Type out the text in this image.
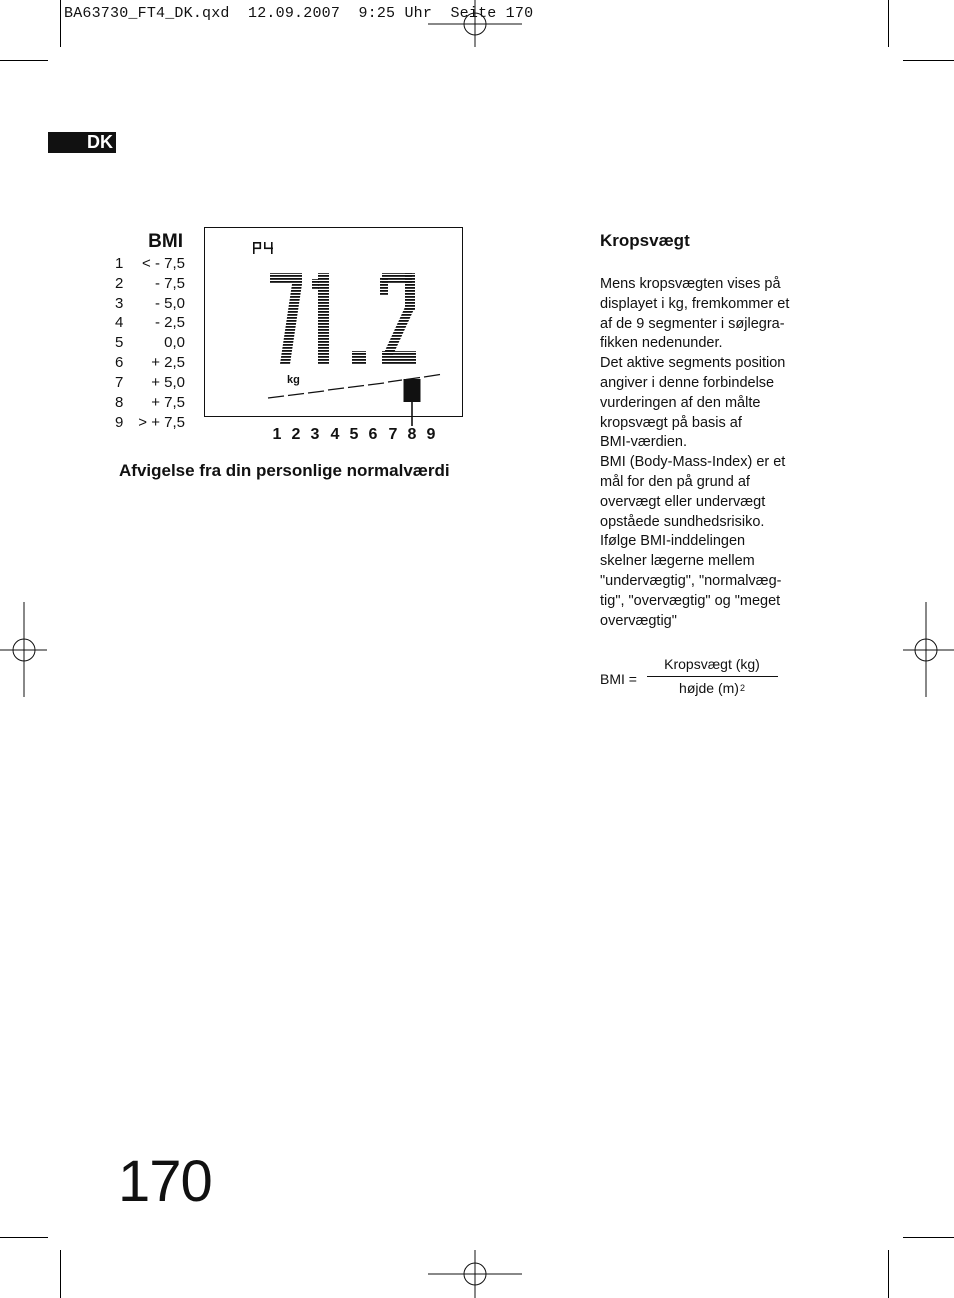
BA63730_FT4_DK.qxd  12.09.2007  9:25 Uhr  Seite 170
DK
BMI
1 < - 7,5
2 - 7,5
3 - 5,0
4 - 2,5
5	0,0
6 + 2,5
7 + 5,0
8 + 7,5
9 > + 7,5
kg
1 2 3 4 5 6 7 8 9
Afvigelse fra din personlige normalværdi
Kropsvægt
Mens kropsvægten vises på
displayet i kg, fremkommer et
af de 9 segmenter i søjlegra-
fikken nedenunder.
Det aktive segments position
angiver i denne forbindelse
vurderingen af den målte
kropsvægt på basis af
BMI-værdien.
BMI (Body-Mass-Index) er et
mål for den på grund af
overvægt eller undervægt
opståede sundhedsrisiko.
Ifølge BMI-inddelingen
skelner lægerne mellem
"undervægtig", "normalvæg-
tig", "overvægtig" og "meget
overvægtig"
BMI =
Kropsvægt (kg)
højde $(m)^2$
170
